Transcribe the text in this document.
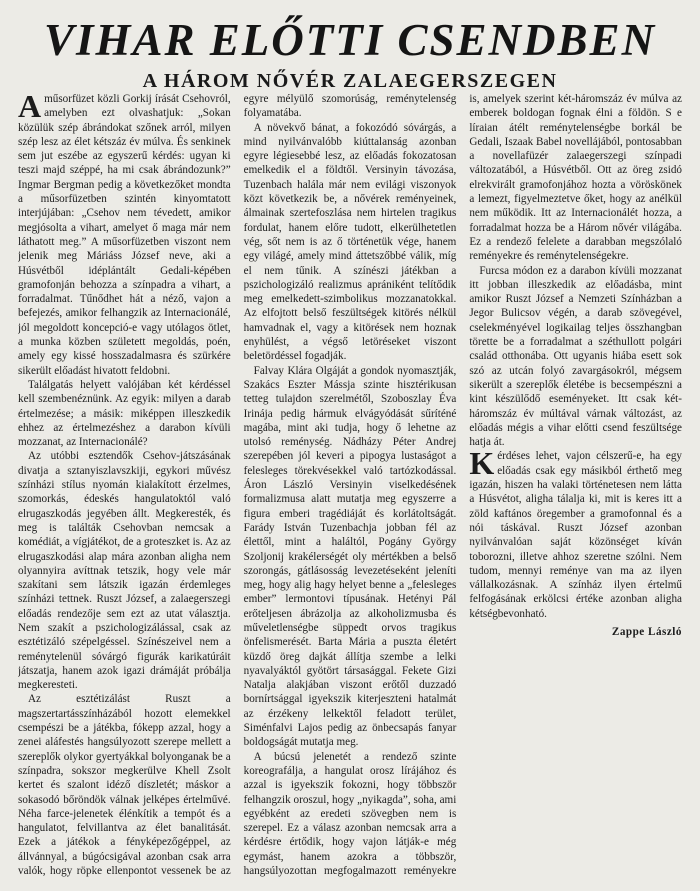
VIHAR ELŐTTI CSENDBEN
A HÁROM NŐVÉR ZALAEGERSZEGEN

A műsorfüzet közli Gorkij írását Csehovról, amelyben ezt olvashatjuk: „Sokan közülük szép ábrándokat szőnek arról, milyen szép lesz az élet kétszáz év múlva. És senkinek sem jut eszébe az egyszerű kérdés: ugyan ki teszi majd széppé, ha mi csak ábrándozunk?” Ingmar Bergman pedig a következőket mondta a műsorfüzetben szintén kinyomtatott interjújában: „Csehov nem tévedett, amikor megjósolta a vihart, amelyet ő maga már nem láthatott meg.” A műsorfüzetben viszont nem jelenik meg Máriáss József neve, aki a Húsvétből idéplántált Gedali-képében gramofonján behozza a színpadra a vihart, a forradalmat. Tűnődhet hát a néző, vajon a befejezés, amikor felhangzik az Internacionálé, jól megoldott koncepció-e vagy utólagos ötlet, a munka közben született megoldás, poén, amely egy kissé hosszadalmasra és szürkére sikerült előadást hivatott feldobni.

Találgatás helyett valójában két kérdéssel kell szembenéznünk. Az egyik: milyen a darab értelmezése; a másik: miképpen illeszkedik ehhez az értelmezéshez a darabon kívüli mozzanat, az Internacionálé?

Az utóbbi esztendők Csehov-játszásának divatja a sztanyiszlavszkiji, egykori művész színházi stílus nyomán kialakított érzelmes, szomorkás, édeskés hangulatoktól való elrugaszkodás jegyében állt. Megkeresték, és meg is találták Csehovban nemcsak a komédiát, a vígjátékot, de a groteszket is. Az az elrugaszkodási alap mára azonban aligha nem olyannyira avíttnak tetszik, hogy vele már szakítani sem látszik igazán érdemleges színházi tettnek. Ruszt József, a zalaegerszegi előadás rendezője sem ezt az utat választja. Nem szakít a pszichologizálással, csak az esztétizáló szépelgéssel. Színészeivel nem a reménytelenül sóvárgó figurák karikatúráit játszatja, hanem azok igazi drámáját próbálja megkeresteti.

Az esztétizálást Ruszt a magszertartásszínházából hozott elemekkel csempészi be a játékba, fókepp azzal, hogy a zenei aláfestés hangsúlyozott szerepe mellett a szereplők olykor gyertyákkal bolyonganak be a színpadra, sokszor megkerülve Khell Zsolt kertet és szalont idéző díszletét; máskor a sokasodó bőröndök válnak jelképes értelművé. Néha farce-jelenetek élénkítik a tempót és a hangulatot, felvillantva az élet banalitását. Ezek a játékok a fényképezőgéppel, az állvánnyal, a búgócsigával azonban csak arra valók, hogy röpke ellenpontot vessenek be az egyre mélyülő szomorúság, reménytelenség folyamatába.

A növekvő bánat, a fokozódó sóvárgás, a mind nyilvánvalóbb kiúttalanság azonban egyre légiesebbé lesz, az előadás fokozatosan emelkedik el a földtől. Versinyin távozása, Tuzenbach halála már nem evilági viszonyok közt következik be, a nővérek reményeinek, álmainak szertefoszlása nem hirtelen tragikus fordulat, hanem előre tudott, elkerülhetetlen vég, sőt nem is az ő történetük vége, hanem egy világé, amely mind áttetszőbbé válik, míg el nem tűnik. A színészi játékban a pszichologizáló realizmus aprániként telítődik meg emelkedett-szimbolikus mozzanatokkal. Az elfojtott belső feszültségek kitörés nélkül hamvadnak el, vagy a kitörések nem hoznak enyhülést, a végső letöréseket viszont beletördéssel fogadják.

Falvay Klára Olgáját a gondok nyomasztják, Szakács Eszter Mássja szinte hisztérikusan tetteg tulajdon szerelmétől, Szoboszlay Éva Irinája pedig hármuk elvágyódását sűríténé magába, mint aki tudja, hogy ő lehetne az utolsó reménység. Nádházy Péter Andrej szerepében jól keveri a pipogya lustaságot a felesleges törekvésekkel való tartózkodással. Áron László Versinyin viselkedésének formalizmusa alatt mutatja meg egyszerre a figura emberi tragédiáját és korlátoltságát. Farády István Tuzenbachja jobban fél az élettől, mint a haláltól, Pogány György Szoljonij krakélerségét oly mértékben a belső szorongás, gátlásosság levezetéseként jeleníti meg, hogy alig hagy helyet benne a „felesleges ember” lermontovi típusának. Hetényi Pál erőteljesen ábrázolja az alkoholizmusba és műveletlenségbe süppedt orvos tragikus önfelismerését. Barta Mária a puszta életért küzdő öreg dajkát állítja szembe a lelki nyavalyáktól gyötört társasággal. Fekete Gizi Natalja alakjában viszont erőtől duzzadó bornírtsággal igyekszik kiterjeszteni hatalmát az érzékeny lelkektől feladott terület, Siménfalvi Lajos pedig az önbecsapás fanyar boldogságát mutatja meg.

A búcsú jelenetét a rendező szinte koreografálja, a hangulat orosz lírájához és azzal is igyekszik fokozni, hogy többször felhangzik oroszul, hogy „nyikagda”, soha, ami egyébként az eredeti szövegben nem is szerepel. Ez a válasz azonban nemcsak arra a kérdésre értődik, hogy vajon látják-e még egymást, hanem azokra a többször, hangsúlyozottan megfogalmazott reményekre is, amelyek szerint két-háromszáz év múlva az emberek boldogan fognak élni a földön. S e líraian átélt reménytelenségbe borkál be Gedali, Iszaak Babel novellájából, pontosabban a novellafüzér zalaegerszegi színpadi változatából, a Húsvétből. Ott az öreg zsidó elrekvirált gramofonjához hozta a vöröskönek a lemezt, figyelmeztetve őket, hogy az anélkül nem működik. Itt az Internacionálét hozza, a forradalmat hozza be a Három nővér világába. Ez a rendező felelete a darabban megszólaló reményekre és reménytelenségekre.

Furcsa módon ez a darabon kívüli mozzanat itt jobban illeszkedik az előadásba, mint amikor Ruszt József a Nemzeti Színházban a Jegor Bulicsov végén, a darab szövegével, cselekményével logikailag teljes összhangban törette be a forradalmat a széthullott polgári család otthonába. Ott ugyanis hiába esett sok szó az utcán folyó zavargásokról, mégsem sikerült a szereplők életébe is becsempészni a kint készülődő eseményeket. Itt csak két-háromszáz év múltával várnak változást, az előadás mégis a vihar előtti csend feszültsége hatja át.

Kérdéses lehet, vajon célszerű-e, ha egy előadás csak egy másikból érthető meg igazán, hiszen ha valaki történetesen nem látta a Húsvétot, aligha tálalja ki, mit is keres itt a zöld kaftános öregember a gramofonnal és a nói táskával. Ruszt József azonban nyilvánvalóan saját közönséget kíván toborozni, illetve ahhoz szeretne szólni. Nem tudom, mennyi reménye van ma az ilyen vállalkozásnak. A színház ilyen értelmű felfogásának erkölcsi értéke azonban aligha kétségbevonható.

Zappe László
